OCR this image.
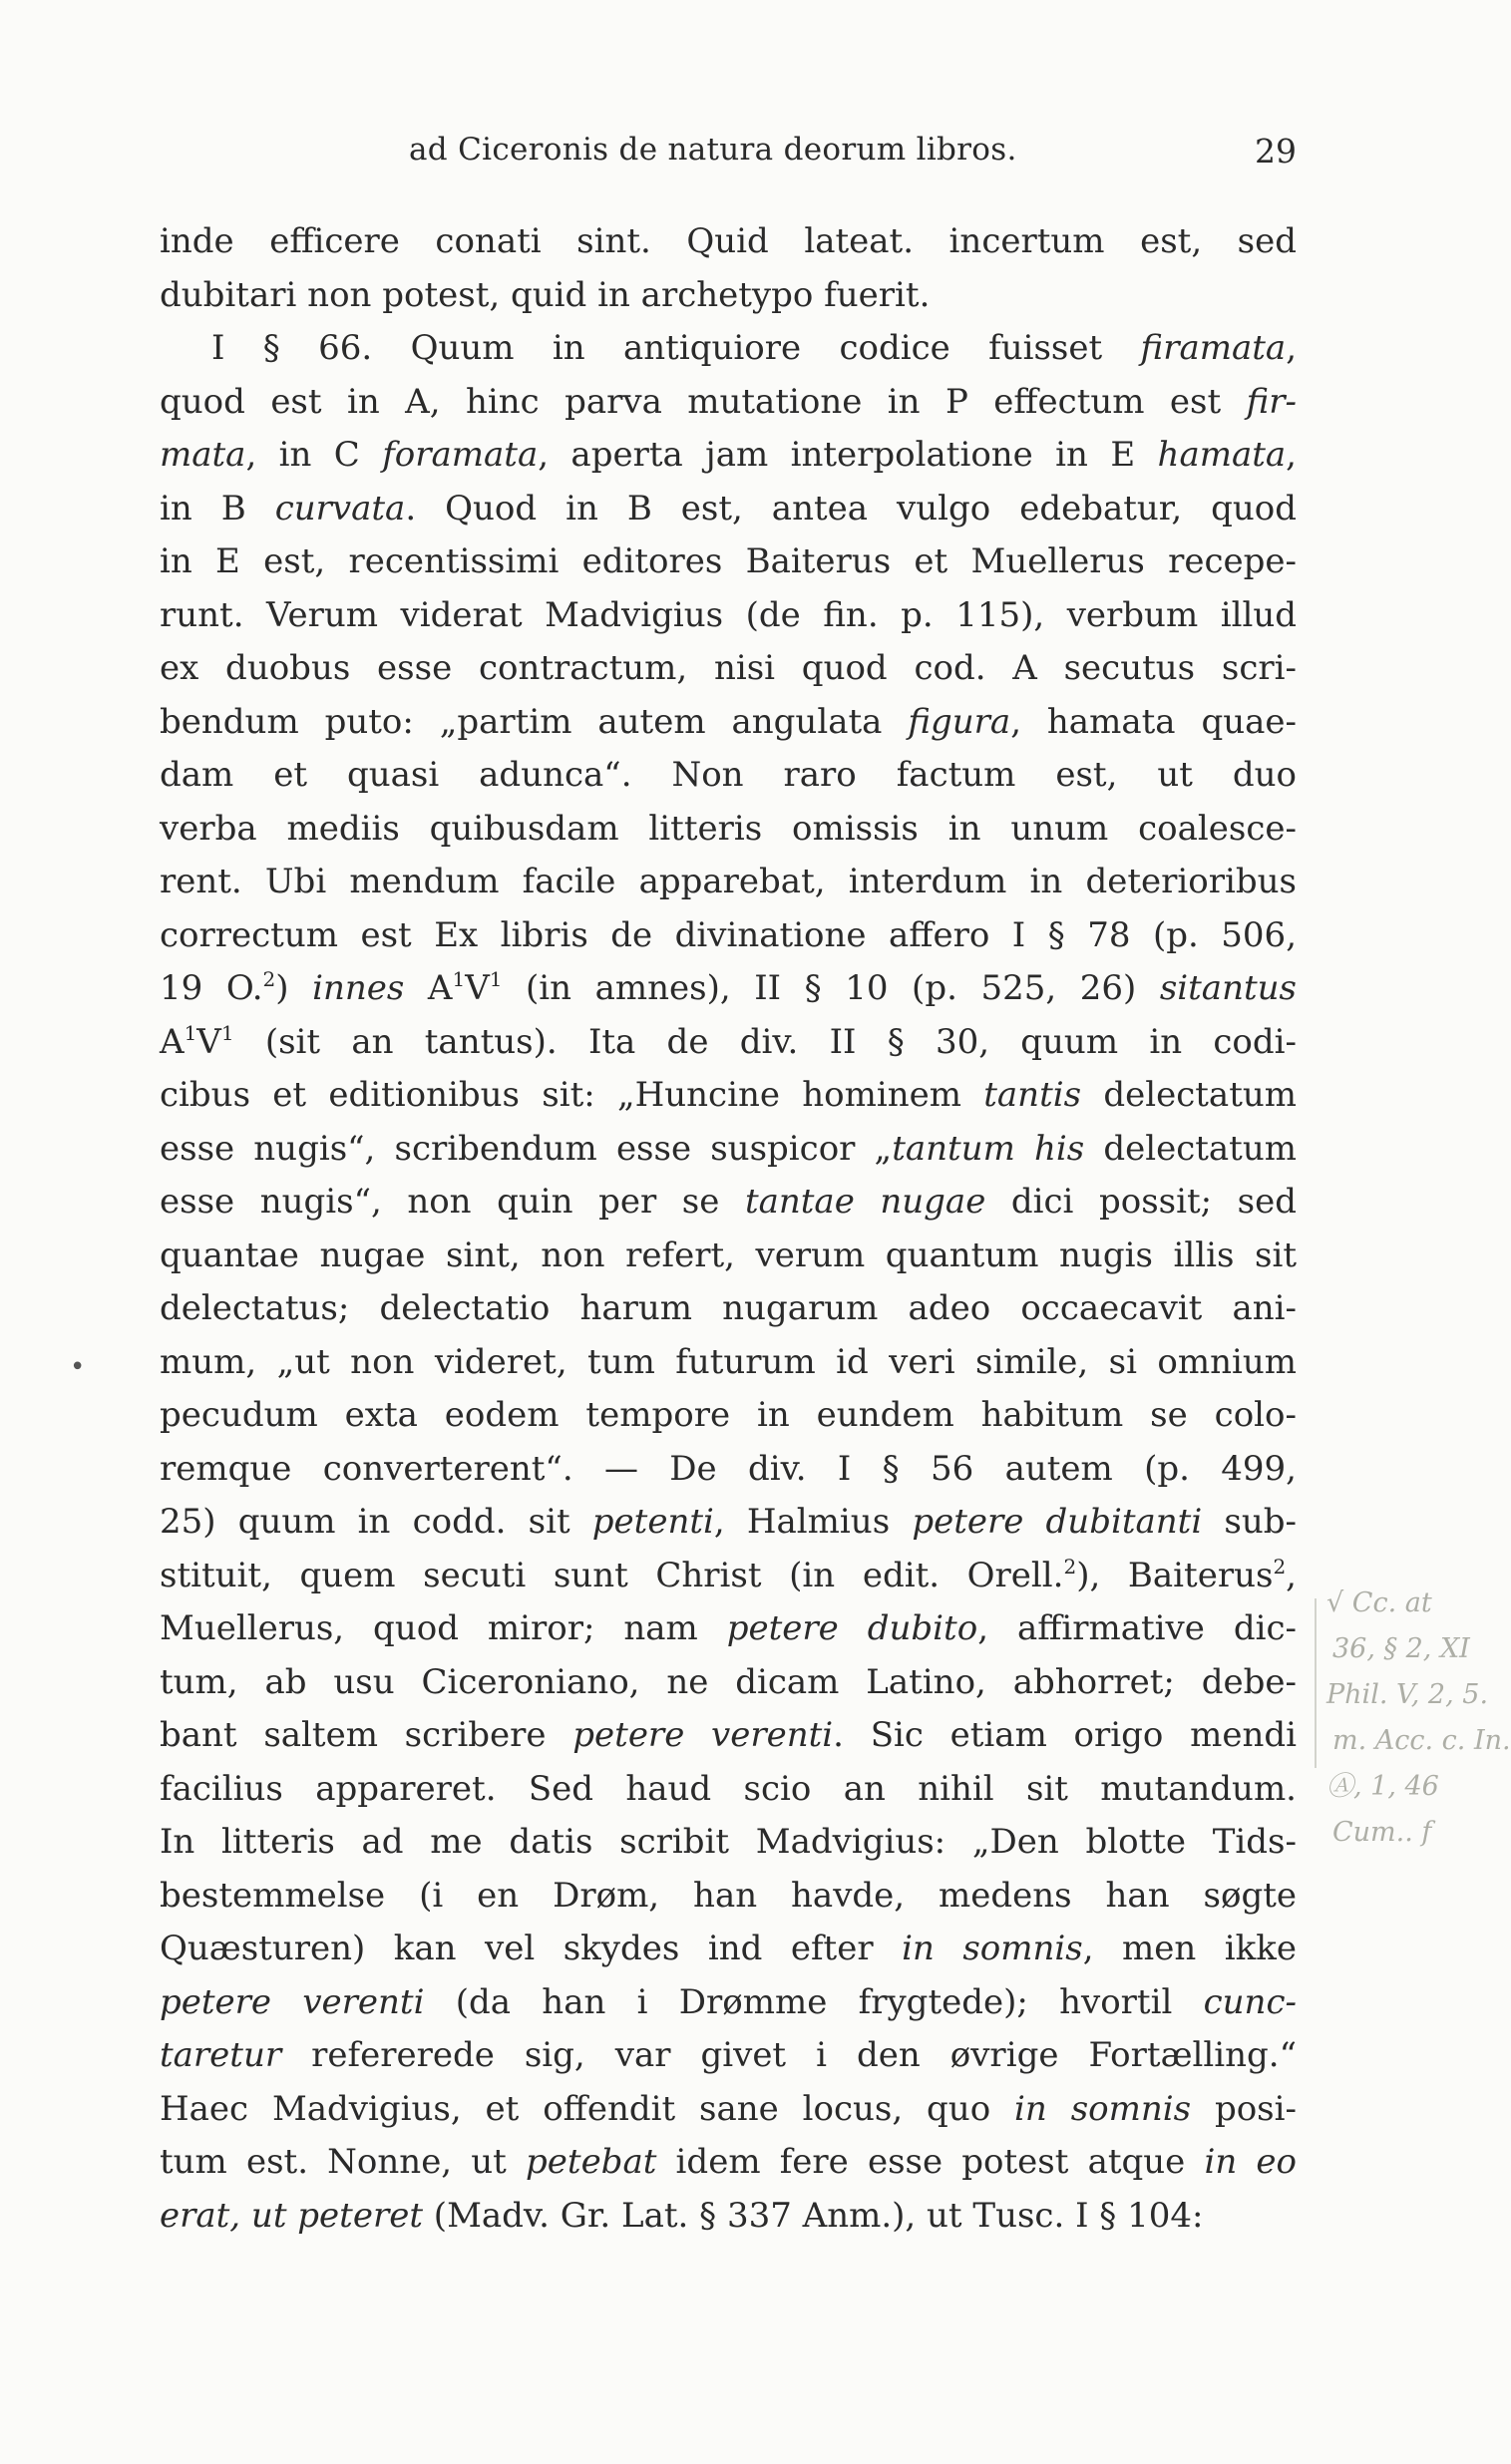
ad Ciceronis de natura deorum libros.	29
inde efficere conati sint. Quid lateat. incertum est, sed
dubitari non potest, quid in archetypo fuerit.
I § 66. Quum in antiquiore codice fuisset firamata,
quod est in A, hinc parva mutatione in P effectum est fir-
mata, in C foramata, aperta jam interpolatione in E hamata,
in B curvata. Quod in B est, antea vulgo edebatur, quod
in E est, recentissimi editores Baiterus et Muellerus recepe-
runt. Verum viderat Madvigius (de fin. p. 115), verbum illud
ex duobus esse contractum, nisi quod cod. A secutus scri-
bendum puto: „partim autem angulata figura, hamata quae-
dam et quasi adunca“. Non raro factum est, ut duo
verba mediis quibusdam litteris omissis in unum coalesce-
rent. Ubi mendum facile apparebat, interdum in deterioribus
correctum est Ex libris de divinatione affero I § 78 (p. 506,
19 O.$^2$) innes $A^1V^1$ (in amnes), II § 10 (p. 525, 26) sitantus
$A^1V^1$ (sit an tantus). Ita de div. II § 30, quum in codi-
cibus et editionibus sit: „Huncine hominem tantis delectatum
esse nugis“, scribendum esse suspicor „tantum his delectatum
esse nugis“, non quin per se tantae nugae dici possit; sed
quantae nugae sint, non refert, verum quantum nugis illis sit
delectatus; delectatio harum nugarum adeo occaecavit ani-
mum, „ut non videret, tum futurum id veri simile, si omnium
pecudum exta eodem tempore in eundem habitum se colo-
remque converterent“. — De div. I § 56 autem (p. 499,
25) quum in codd. sit petenti, Halmius petere dubitanti sub-
stituit, quem secuti sunt Christ (in edit. Orell.$^2$), Baiterus$^2$,
Muellerus, quod miror; nam petere dubito, affirmative dic-
tum, ab usu Ciceroniano, ne dicam Latino, abhorret; debe-
bant saltem scribere petere verenti. Sic etiam origo mendi
facilius appareret. Sed haud scio an nihil sit mutandum.
In litteris ad me datis scribit Madvigius: „Den blotte Tids-
bestemmelse (i en Drøm, han havde, medens han søgte
Quæsturen) kan vel skydes ind efter in somnis, men ikke
petere verenti (da han i Drømme frygtede); hvortil cunc-
taretur refererede sig, var givet i den øvrige Fortælling.“
Haec Madvigius, et offendit sane locus, quo in somnis posi-
tum est. Nonne, ut petebat idem fere esse potest atque in eo
erat, ut peteret (Madv. Gr. Lat. § 337 Anm.), ut Tusc. I § 104:
•
√ Cc. at
36, § 2, XI
Phil. V, 2, 5.
m. Acc. c. In.
Ⓐ, 1, 46
Cum.. f
